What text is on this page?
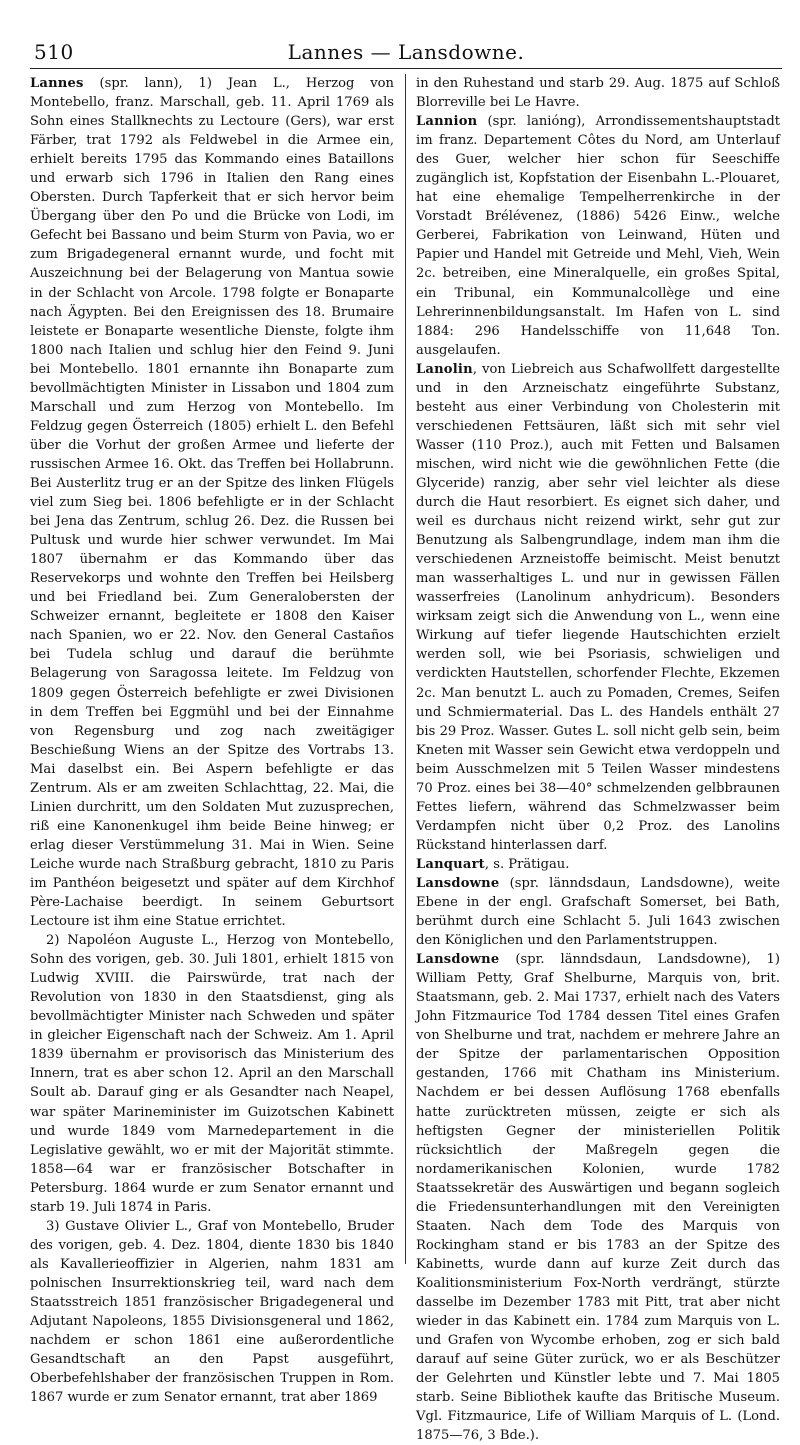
510	Lannes — Lansdowne.

Lannes (spr. lann), 1) Jean L., Herzog von Montebello, franz. Marschall, geb. 11. April 1769 als Sohn eines Stallknechts zu Lectoure (Gers), war erst Färber, trat 1792 als Feldwebel in die Armee ein, erhielt bereits 1795 das Kommando eines Bataillons und erwarb sich 1796 in Italien den Rang eines Obersten. Durch Tapferkeit that er sich hervor beim Übergang über den Po und die Brücke von Lodi, im Gefecht bei Bassano und beim Sturm von Pavia, wo er zum Brigadegeneral ernannt wurde, und focht mit Auszeichnung bei der Belagerung von Mantua sowie in der Schlacht von Arcole. 1798 folgte er Bonaparte nach Ägypten. Bei den Ereignissen des 18. Brumaire leistete er Bonaparte wesentliche Dienste, folgte ihm 1800 nach Italien und schlug hier den Feind 9. Juni bei Montebello. 1801 ernannte ihn Bonaparte zum bevollmächtigten Minister in Lissabon und 1804 zum Marschall und zum Herzog von Montebello. Im Feldzug gegen Österreich (1805) erhielt L. den Befehl über die Vorhut der großen Armee und lieferte der russischen Armee 16. Okt. das Treffen bei Hollabrunn. Bei Austerlitz trug er an der Spitze des linken Flügels viel zum Sieg bei. 1806 befehligte er in der Schlacht bei Jena das Zentrum, schlug 26. Dez. die Russen bei Pultusk und wurde hier schwer verwundet. Im Mai 1807 übernahm er das Kommando über das Reservekorps und wohnte den Treffen bei Heilsberg und bei Friedland bei. Zum Generalobersten der Schweizer ernannt, begleitete er 1808 den Kaiser nach Spanien, wo er 22. Nov. den General Castaños bei Tudela schlug und darauf die berühmte Belagerung von Saragossa leitete. Im Feldzug von 1809 gegen Österreich befehligte er zwei Divisionen in dem Treffen bei Eggmühl und bei der Einnahme von Regensburg und zog nach zweitägiger Beschießung Wiens an der Spitze des Vortrabs 13. Mai daselbst ein. Bei Aspern befehligte er das Zentrum. Als er am zweiten Schlachttag, 22. Mai, die Linien durchritt, um den Soldaten Mut zuzusprechen, riß eine Kanonenkugel ihm beide Beine hinweg; er erlag dieser Verstümmelung 31. Mai in Wien. Seine Leiche wurde nach Straßburg gebracht, 1810 zu Paris im Panthéon beigesetzt und später auf dem Kirchhof Père-Lachaise beerdigt. In seinem Geburtsort Lectoure ist ihm eine Statue errichtet.

2) Napoléon Auguste L., Herzog von Montebello, Sohn des vorigen, geb. 30. Juli 1801, erhielt 1815 von Ludwig XVIII. die Pairswürde, trat nach der Revolution von 1830 in den Staatsdienst, ging als bevollmächtigter Minister nach Schweden und später in gleicher Eigenschaft nach der Schweiz. Am 1. April 1839 übernahm er provisorisch das Ministerium des Innern, trat es aber schon 12. April an den Marschall Soult ab. Darauf ging er als Gesandter nach Neapel, war später Marineminister im Guizotschen Kabinett und wurde 1849 vom Marnedepartement in die Legislative gewählt, wo er mit der Majorität stimmte. 1858—64 war er französischer Botschafter in Petersburg. 1864 wurde er zum Senator ernannt und starb 19. Juli 1874 in Paris.

3) Gustave Olivier L., Graf von Montebello, Bruder des vorigen, geb. 4. Dez. 1804, diente 1830 bis 1840 als Kavallerieoffizier in Algerien, nahm 1831 am polnischen Insurrektionskrieg teil, ward nach dem Staatsstreich 1851 französischer Brigadegeneral und Adjutant Napoleons, 1855 Divisionsgeneral und 1862, nachdem er schon 1861 eine außerordentliche Gesandtschaft an den Papst ausgeführt, Oberbefehlshaber der französischen Truppen in Rom. 1867 wurde er zum Senator ernannt, trat aber 1869

in den Ruhestand und starb 29. Aug. 1875 auf Schloß Blorreville bei Le Havre.

Lannion (spr. lanióng), Arrondissementshauptstadt im franz. Departement Côtes du Nord, am Unterlauf des Guer, welcher hier schon für Seeschiffe zugänglich ist, Kopfstation der Eisenbahn L.-Plouaret, hat eine ehemalige Tempelherrenkirche in der Vorstadt Brélévenez, (1886) 5426 Einw., welche Gerberei, Fabrikation von Leinwand, Hüten und Papier und Handel mit Getreide und Mehl, Vieh, Wein 2c. betreiben, eine Mineralquelle, ein großes Spital, ein Tribunal, ein Kommunalcollège und eine Lehrerinnenbildungsanstalt. Im Hafen von L. sind 1884: 296 Handelsschiffe von 11,648 Ton. ausgelaufen.

Lanolin, von Liebreich aus Schafwollfett dargestellte und in den Arzneischatz eingeführte Substanz, besteht aus einer Verbindung von Cholesterin mit verschiedenen Fettsäuren, läßt sich mit sehr viel Wasser (110 Proz.), auch mit Fetten und Balsamen mischen, wird nicht wie die gewöhnlichen Fette (die Glyceride) ranzig, aber sehr viel leichter als diese durch die Haut resorbiert. Es eignet sich daher, und weil es durchaus nicht reizend wirkt, sehr gut zur Benutzung als Salbengrundlage, indem man ihm die verschiedenen Arzneistoffe beimischt. Meist benutzt man wasserhaltiges L. und nur in gewissen Fällen wasserfreies (Lanolinum anhydricum). Besonders wirksam zeigt sich die Anwendung von L., wenn eine Wirkung auf tiefer liegende Hautschichten erzielt werden soll, wie bei Psoriasis, schwieligen und verdickten Hautstellen, schorfender Flechte, Ekzemen 2c. Man benutzt L. auch zu Pomaden, Cremes, Seifen und Schmiermaterial. Das L. des Handels enthält 27 bis 29 Proz. Wasser. Gutes L. soll nicht gelb sein, beim Kneten mit Wasser sein Gewicht etwa verdoppeln und beim Ausschmelzen mit 5 Teilen Wasser mindestens 70 Proz. eines bei 38—40° schmelzenden gelbbraunen Fettes liefern, während das Schmelzwasser beim Verdampfen nicht über 0,2 Proz. des Lanolins Rückstand hinterlassen darf.

Lanquart, s. Prätigau.

Lansdowne (spr. länndsdaun, Landsdowne), weite Ebene in der engl. Grafschaft Somerset, bei Bath, berühmt durch eine Schlacht 5. Juli 1643 zwischen den Königlichen und den Parlamentstruppen.

Lansdowne (spr. länndsdaun, Landsdowne), 1) William Petty, Graf Shelburne, Marquis von, brit. Staatsmann, geb. 2. Mai 1737, erhielt nach des Vaters John Fitzmaurice Tod 1784 dessen Titel eines Grafen von Shelburne und trat, nachdem er mehrere Jahre an der Spitze der parlamentarischen Opposition gestanden, 1766 mit Chatham ins Ministerium. Nachdem er bei dessen Auflösung 1768 ebenfalls hatte zurücktreten müssen, zeigte er sich als heftigsten Gegner der ministeriellen Politik rücksichtlich der Maßregeln gegen die nordamerikanischen Kolonien, wurde 1782 Staatssekretär des Auswärtigen und begann sogleich die Friedensunterhandlungen mit den Vereinigten Staaten. Nach dem Tode des Marquis von Rockingham stand er bis 1783 an der Spitze des Kabinetts, wurde dann auf kurze Zeit durch das Koalitionsministerium Fox-North verdrängt, stürzte dasselbe im Dezember 1783 mit Pitt, trat aber nicht wieder in das Kabinett ein. 1784 zum Marquis von L. und Grafen von Wycombe erhoben, zog er sich bald darauf auf seine Güter zurück, wo er als Beschützer der Gelehrten und Künstler lebte und 7. Mai 1805 starb. Seine Bibliothek kaufte das Britische Museum. Vgl. Fitzmaurice, Life of William Marquis of L. (Lond. 1875—76, 3 Bde.).
